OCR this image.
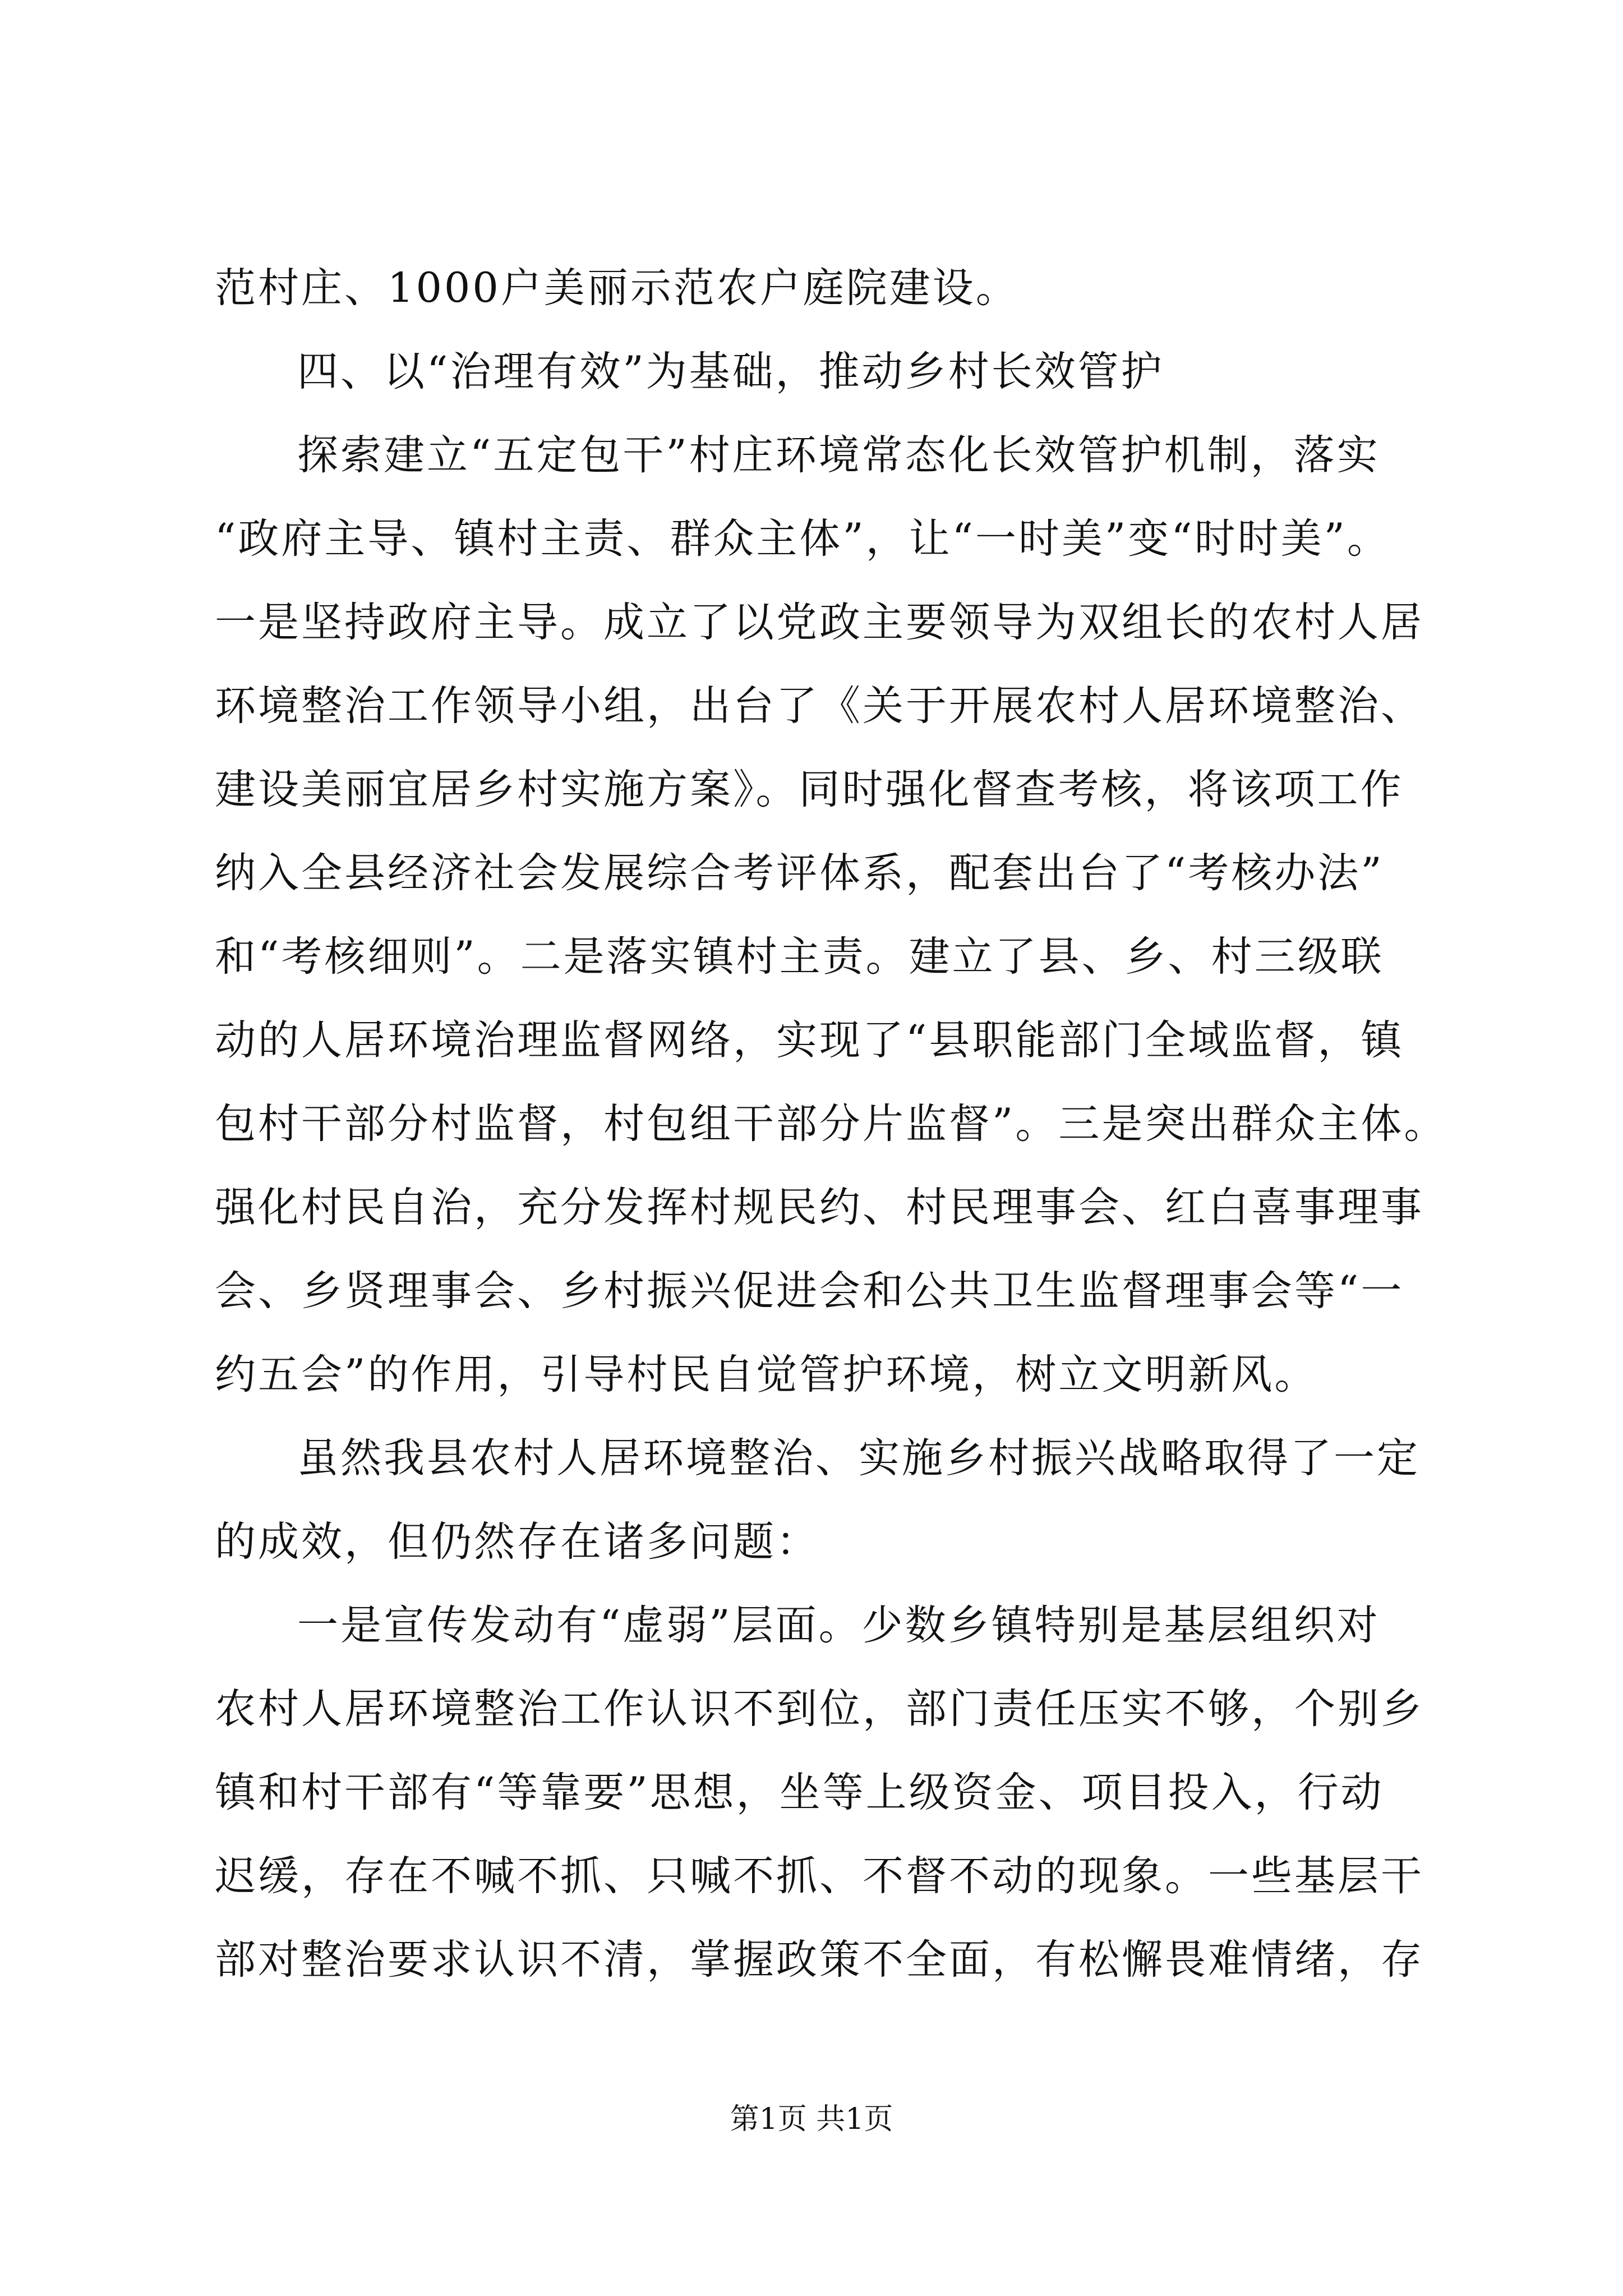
范村庄、1000户美丽示范农户庭院建设。
四、以“治理有效”为基础，推动乡村长效管护
探索建立“五定包干”村庄环境常态化长效管护机制，落实
“政府主导、镇村主责、群众主体”，让“一时美”变“时时美”。
一是坚持政府主导。成立了以党政主要领导为双组长的农村人居
环境整治工作领导小组，出台了《关于开展农村人居环境整治、
建设美丽宜居乡村实施方案》。同时强化督查考核，将该项工作
纳入全县经济社会发展综合考评体系，配套出台了“考核办法”
和“考核细则”。二是落实镇村主责。建立了县、乡、村三级联
动的人居环境治理监督网络，实现了“县职能部门全域监督，镇
包村干部分村监督，村包组干部分片监督”。三是突出群众主体。
强化村民自治，充分发挥村规民约、村民理事会、红白喜事理事
会、乡贤理事会、乡村振兴促进会和公共卫生监督理事会等“一
约五会”的作用，引导村民自觉管护环境，树立文明新风。
虽然我县农村人居环境整治、实施乡村振兴战略取得了一定
的成效，但仍然存在诸多问题：
一是宣传发动有“虚弱”层面。少数乡镇特别是基层组织对
农村人居环境整治工作认识不到位，部门责任压实不够，个别乡
镇和村干部有“等靠要”思想，坐等上级资金、项目投入，行动
迟缓，存在不喊不抓、只喊不抓、不督不动的现象。一些基层干
部对整治要求认识不清，掌握政策不全面，有松懈畏难情绪，存
第1页 共1页
